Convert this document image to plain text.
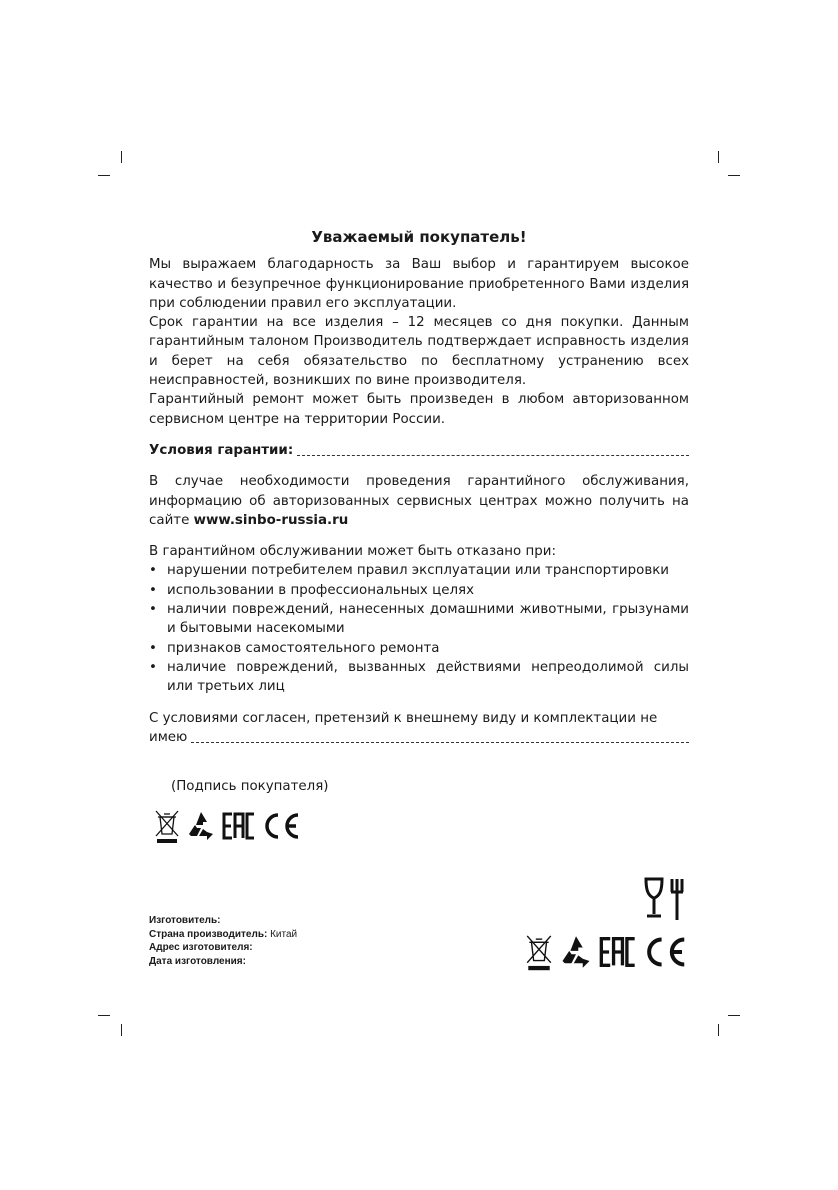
Уважаемый покупатель!

Мы выражаем благодарность за Ваш выбор и гарантируем высокое качество и безупречное функционирование приобретенного Вами изделия при соблюдении правил его эксплуатации.

Срок гарантии на все изделия – 12 месяцев со дня покупки. Данным гарантийным талоном Производитель подтверждает исправность изделия и берет на себя обязательство по бесплатному устранению всех неисправностей, возникших по вине производителя.

Гарантийный ремонт может быть произведен в любом авторизованном сервисном центре на территории России.

Условия гарантии:

В случае необходимости проведения гарантийного обслуживания, информацию об авторизованных сервисных центрах можно получить на сайте www.sinbo-russia.ru

В гарантийном обслуживании может быть отказано при:
• нарушении потребителем правил эксплуатации или транспортировки
• использовании в профессиональных целях
• наличии повреждений, нанесенных домашними животными, грызунами и бытовыми насекомыми
• признаков самостоятельного ремонта
• наличие повреждений, вызванных действиями непреодолимой силы или третьих лиц
С условиями согласен, претензий к внешнему виду и комплектации не
имею
(Подпись покупателя)
Изготовитель:
Страна производитель: Китай
Адрес изготовителя:
Дата изготовления:
